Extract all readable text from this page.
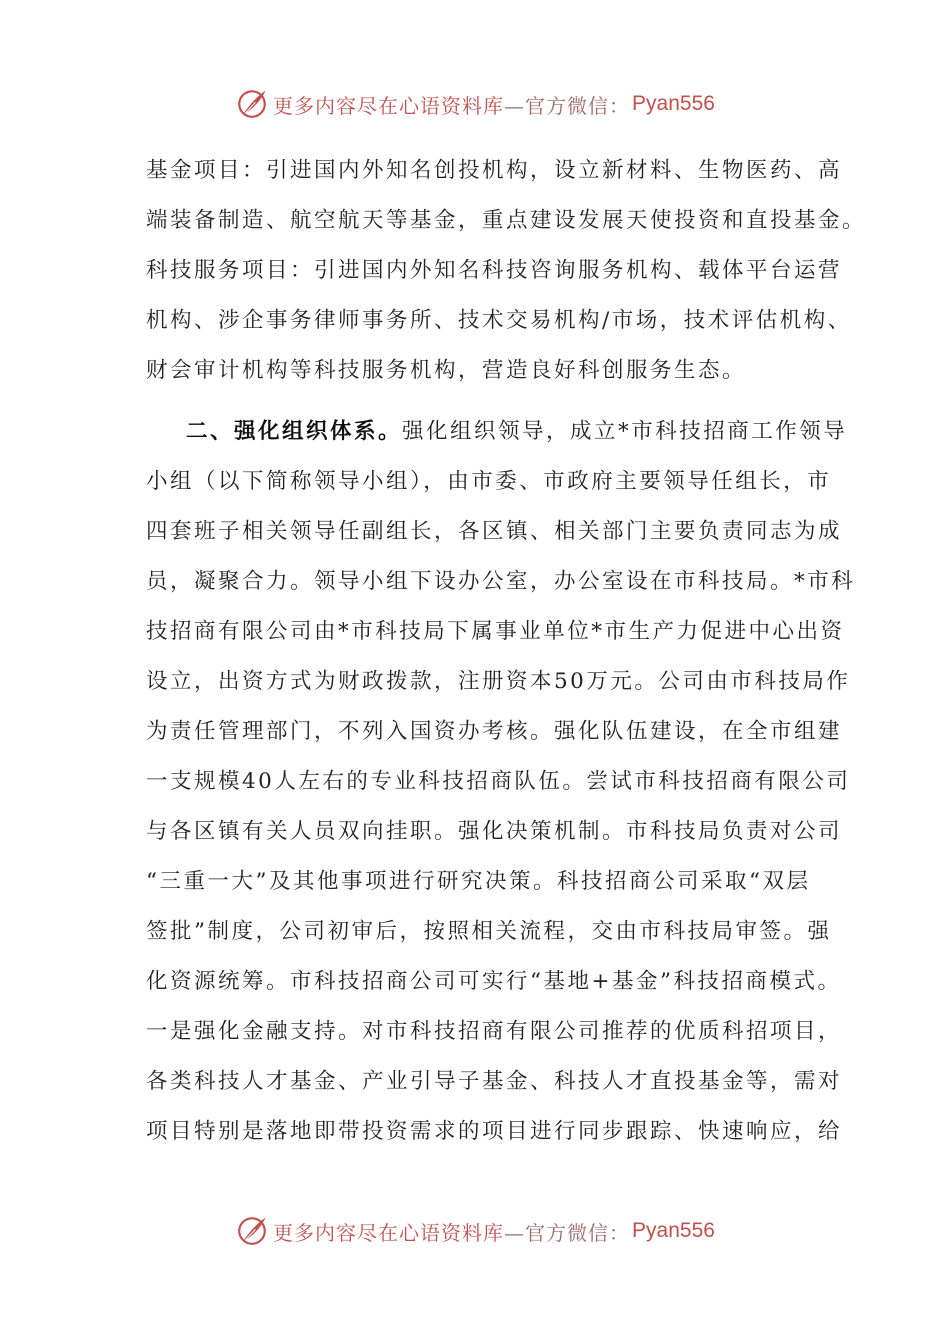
更多内容尽在心语资料库—官方微信： Pyan556
基金项目：引进国内外知名创投机构，设立新材料、生物医药、高
端装备制造、航空航天等基金，重点建设发展天使投资和直投基金。
科技服务项目：引进国内外知名科技咨询服务机构、载体平台运营
机构、涉企事务律师事务所、技术交易机构/市场，技术评估机构、
财会审计机构等科技服务机构，营造良好科创服务生态。
二、强化组织体系。强化组织领导，成立*市科技招商工作领导
小组（以下简称领导小组），由市委、市政府主要领导任组长，市
四套班子相关领导任副组长，各区镇、相关部门主要负责同志为成
员，凝聚合力。领导小组下设办公室，办公室设在市科技局。*市科
技招商有限公司由*市科技局下属事业单位*市生产力促进中心出资
设立，出资方式为财政拨款，注册资本50万元。公司由市科技局作
为责任管理部门，不列入国资办考核。强化队伍建设，在全市组建
一支规模40人左右的专业科技招商队伍。尝试市科技招商有限公司
与各区镇有关人员双向挂职。强化决策机制。市科技局负责对公司
“三重一大”及其他事项进行研究决策。科技招商公司采取“双层
签批”制度，公司初审后，按照相关流程，交由市科技局审签。强
化资源统筹。市科技招商公司可实行“基地+基金”科技招商模式。
一是强化金融支持。对市科技招商有限公司推荐的优质科招项目，
各类科技人才基金、产业引导子基金、科技人才直投基金等，需对
项目特别是落地即带投资需求的项目进行同步跟踪、快速响应，给
更多内容尽在心语资料库—官方微信： Pyan556
